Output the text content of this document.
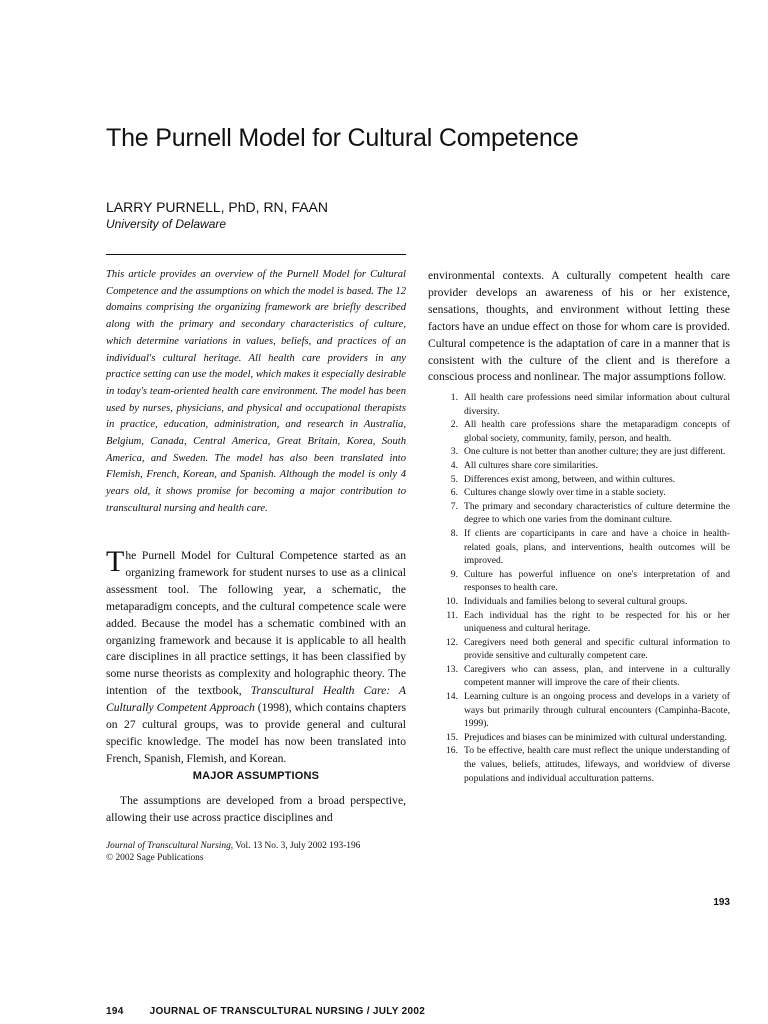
The Purnell Model for Cultural Competence
LARRY PURNELL, PhD, RN, FAAN
University of Delaware

This article provides an overview of the Purnell Model for Cultural Competence and the assumptions on which the model is based. The 12 domains comprising the organizing framework are briefly described along with the primary and secondary characteristics of culture, which determine variations in values, beliefs, and practices of an individual's cultural heritage. All health care providers in any practice setting can use the model, which makes it especially desirable in today's team-oriented health care environment. The model has been used by nurses, physicians, and physical and occupational therapists in practice, education, administration, and research in Australia, Belgium, Canada, Central America, Great Britain, Korea, South America, and Sweden. The model has also been translated into Flemish, French, Korean, and Spanish. Although the model is only 4 years old, it shows promise for becoming a major contribution to transcultural nursing and health care.

The Purnell Model for Cultural Competence started as an organizing framework for student nurses to use as a clinical assessment tool. The following year, a schematic, the metaparadigm concepts, and the cultural competence scale were added. Because the model has a schematic combined with an organizing framework and because it is applicable to all health care disciplines in all practice settings, it has been classified by some nurse theorists as complexity and holographic theory. The intention of the textbook, Transcultural Health Care: A Culturally Competent Approach (1998), which contains chapters on 27 cultural groups, was to provide general and cultural specific knowledge. The model has now been translated into French, Spanish, Flemish, and Korean.

MAJOR ASSUMPTIONS

The assumptions are developed from a broad perspective, allowing their use across practice disciplines and

Journal of Transcultural Nursing, Vol. 13 No. 3, July 2002 193-196
© 2002 Sage Publications

environmental contexts. A culturally competent health care provider develops an awareness of his or her existence, sensations, thoughts, and environment without letting these factors have an undue effect on those for whom care is provided. Cultural competence is the adaptation of care in a manner that is consistent with the culture of the client and is therefore a conscious process and nonlinear. The major assumptions follow.

1. All health care professions need similar information about cultural diversity.
2. All health care professions share the metaparadigm concepts of global society, community, family, person, and health.
3. One culture is not better than another culture; they are just different.
4. All cultures share core similarities.
5. Differences exist among, between, and within cultures.
6. Cultures change slowly over time in a stable society.
7. The primary and secondary characteristics of culture determine the degree to which one varies from the dominant culture.
8. If clients are coparticipants in care and have a choice in health-related goals, plans, and interventions, health outcomes will be improved.
9. Culture has powerful influence on one's interpretation of and responses to health care.
10. Individuals and families belong to several cultural groups.
11. Each individual has the right to be respected for his or her uniqueness and cultural heritage.
12. Caregivers need both general and specific cultural information to provide sensitive and culturally competent care.
13. Caregivers who can assess, plan, and intervene in a culturally competent manner will improve the care of their clients.
14. Learning culture is an ongoing process and develops in a variety of ways but primarily through cultural encounters (Campinha-Bacote, 1999).
15. Prejudices and biases can be minimized with cultural understanding.
16. To be effective, health care must reflect the unique understanding of the values, beliefs, attitudes, lifeways, and worldview of diverse populations and individual acculturation patterns.
193
194	JOURNAL OF TRANSCULTURAL NURSING / JULY 2002
